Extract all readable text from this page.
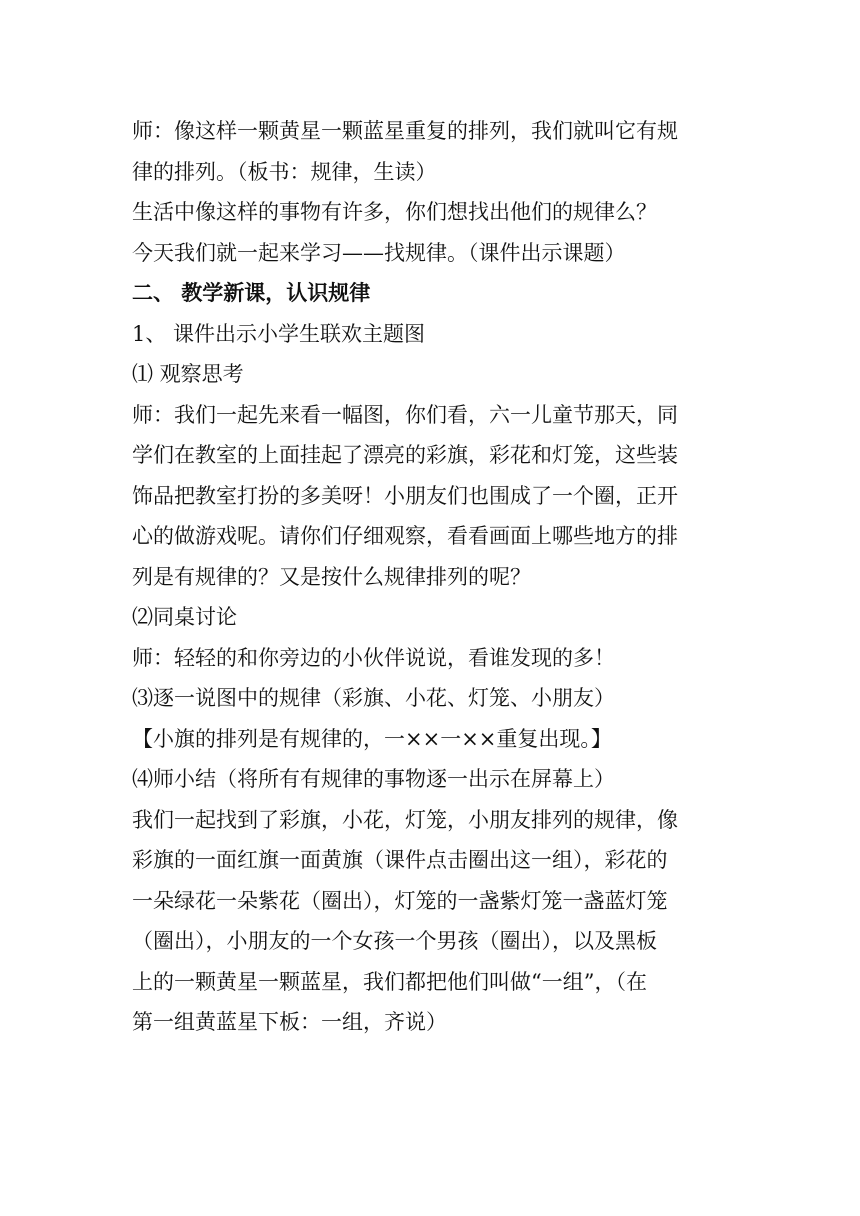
师：像这样一颗黄星一颗蓝星重复的排列，我们就叫它有规
律的排列。（板书：规律，生读）
生活中像这样的事物有许多，你们想找出他们的规律么？
今天我们就一起来学习——找规律。（课件出示课题）
二、 教学新课，认识规律
1、 课件出示小学生联欢主题图
⑴ 观察思考
师：我们一起先来看一幅图，你们看，六一儿童节那天，同
学们在教室的上面挂起了漂亮的彩旗，彩花和灯笼，这些装
饰品把教室打扮的多美呀！小朋友们也围成了一个圈，正开
心的做游戏呢。请你们仔细观察，看看画面上哪些地方的排
列是有规律的？又是按什么规律排列的呢？
⑵同桌讨论
师：轻轻的和你旁边的小伙伴说说，看谁发现的多！
⑶逐一说图中的规律（彩旗、小花、灯笼、小朋友）
【小旗的排列是有规律的，一××一××重复出现。】
⑷师小结（将所有有规律的事物逐一出示在屏幕上）
我们一起找到了彩旗，小花，灯笼，小朋友排列的规律，像
彩旗的一面红旗一面黄旗（课件点击圈出这一组），彩花的
一朵绿花一朵紫花（圈出），灯笼的一盏紫灯笼一盏蓝灯笼
（圈出），小朋友的一个女孩一个男孩（圈出），以及黑板
上的一颗黄星一颗蓝星，我们都把他们叫做“一组”，（在
第一组黄蓝星下板：一组，齐说）
